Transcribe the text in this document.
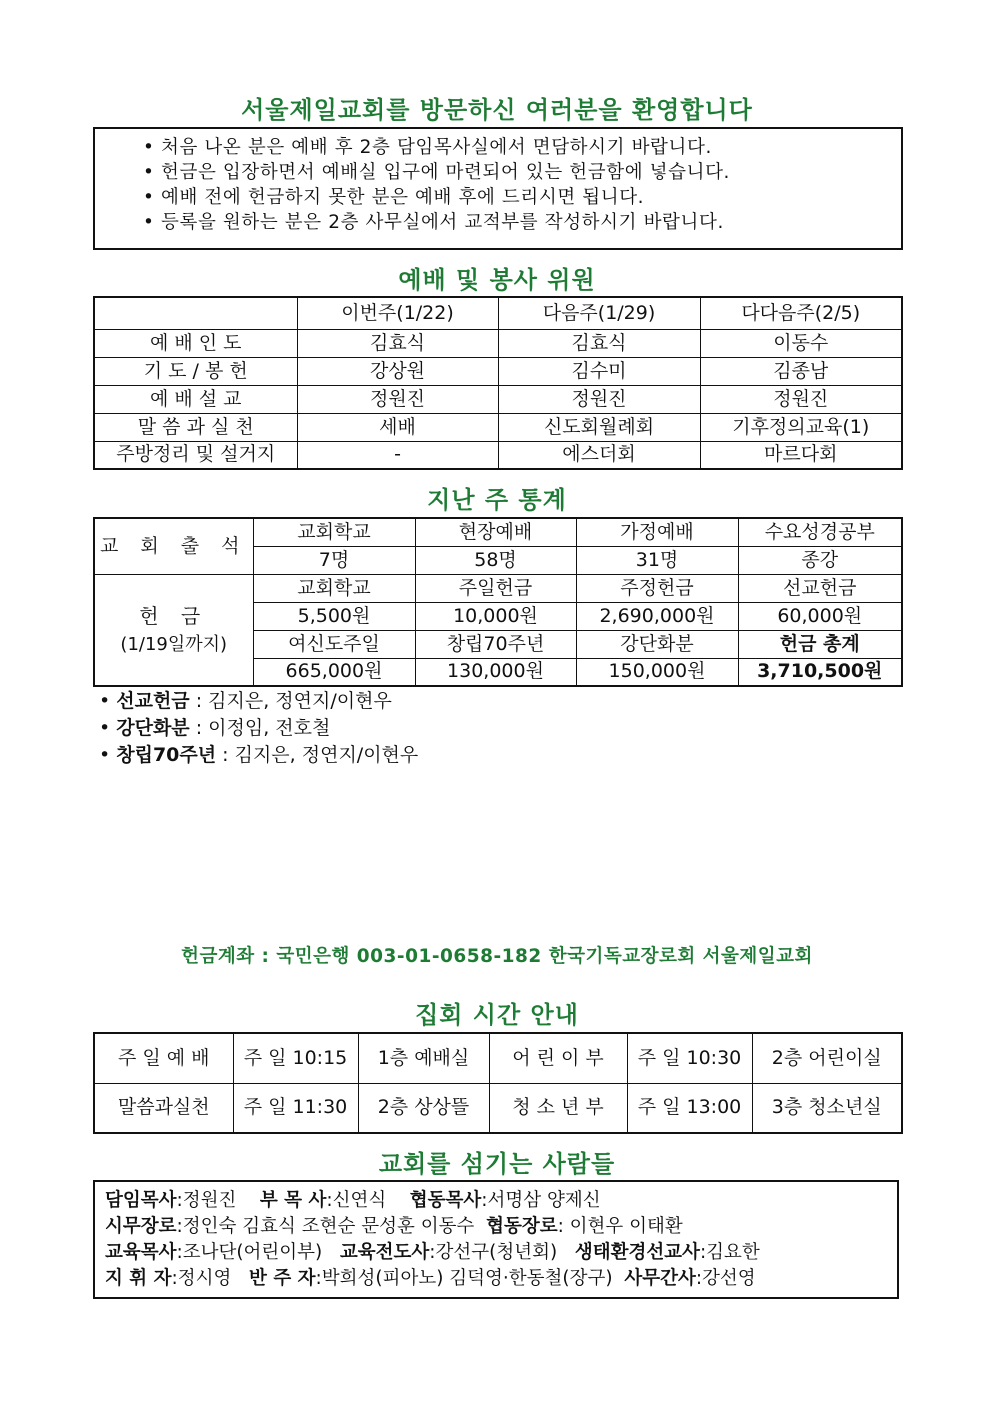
서울제일교회를 방문하신 여러분을 환영합니다
• 처음 나온 분은 예배 후 2층 담임목사실에서 면담하시기 바랍니다.
• 헌금은 입장하면서 예배실 입구에 마련되어 있는 헌금함에 넣습니다.
• 예배 전에 헌금하지 못한 분은 예배 후에 드리시면 됩니다.
• 등록을 원하는 분은 2층 사무실에서 교적부를 작성하시기 바랍니다.
예배 및 봉사 위원
	이번주(1/22)	다음주(1/29)	다다음주(2/5)
예 배 인 도	김효식	김효식	이동수
기 도 / 봉 헌	강상원	김수미	김종남
예 배 설 교	정원진	정원진	정원진
말 씀 과 실 천	세배	신도회월례회	기후정의교육(1)
주방정리 및 설거지	-	에스더회	마르다회
지난 주 통계
교 회 출 석	교회학교	현장예배	가정예배	수요성경공부
	7명	58명	31명	종강

헌 금
(1/19일까지)	교회학교	주일헌금	주정헌금	선교헌금
	5,500원	10,000원	2,690,000원	60,000원
	여신도주일	창립70주년	강단화분	헌금 총계
	665,000원	130,000원	150,000원	3,710,500원
• 선교헌금 : 김지은, 정연지/이현우
• 강단화분 : 이정임, 전호철
• 창립70주년 : 김지은, 정연지/이현우
헌금계좌 : 국민은행 003-01-0658-182 한국기독교장로회 서울제일교회
집회 시간 안내
주 일 예 배	주 일 10:15	1층 예배실	어 린 이 부	주 일 10:30	2층 어린이실
말씀과실천	주 일 11:30	2층 상상뜰	청 소 년 부	주 일 13:00	3층 청소년실
교회를 섬기는 사람들
담임목사:정원진 부 목 사:신연식 협동목사:서명삼 양제신
시무장로:정인숙 김효식 조현순 문성훈 이동수 협동장로: 이현우 이태환
교육목사:조나단(어린이부) 교육전도사:강선구(청년회) 생태환경선교사:김요한
지 휘 자:정시영 반 주 자:박희성(피아노) 김덕영·한동철(장구) 사무간사:강선영
